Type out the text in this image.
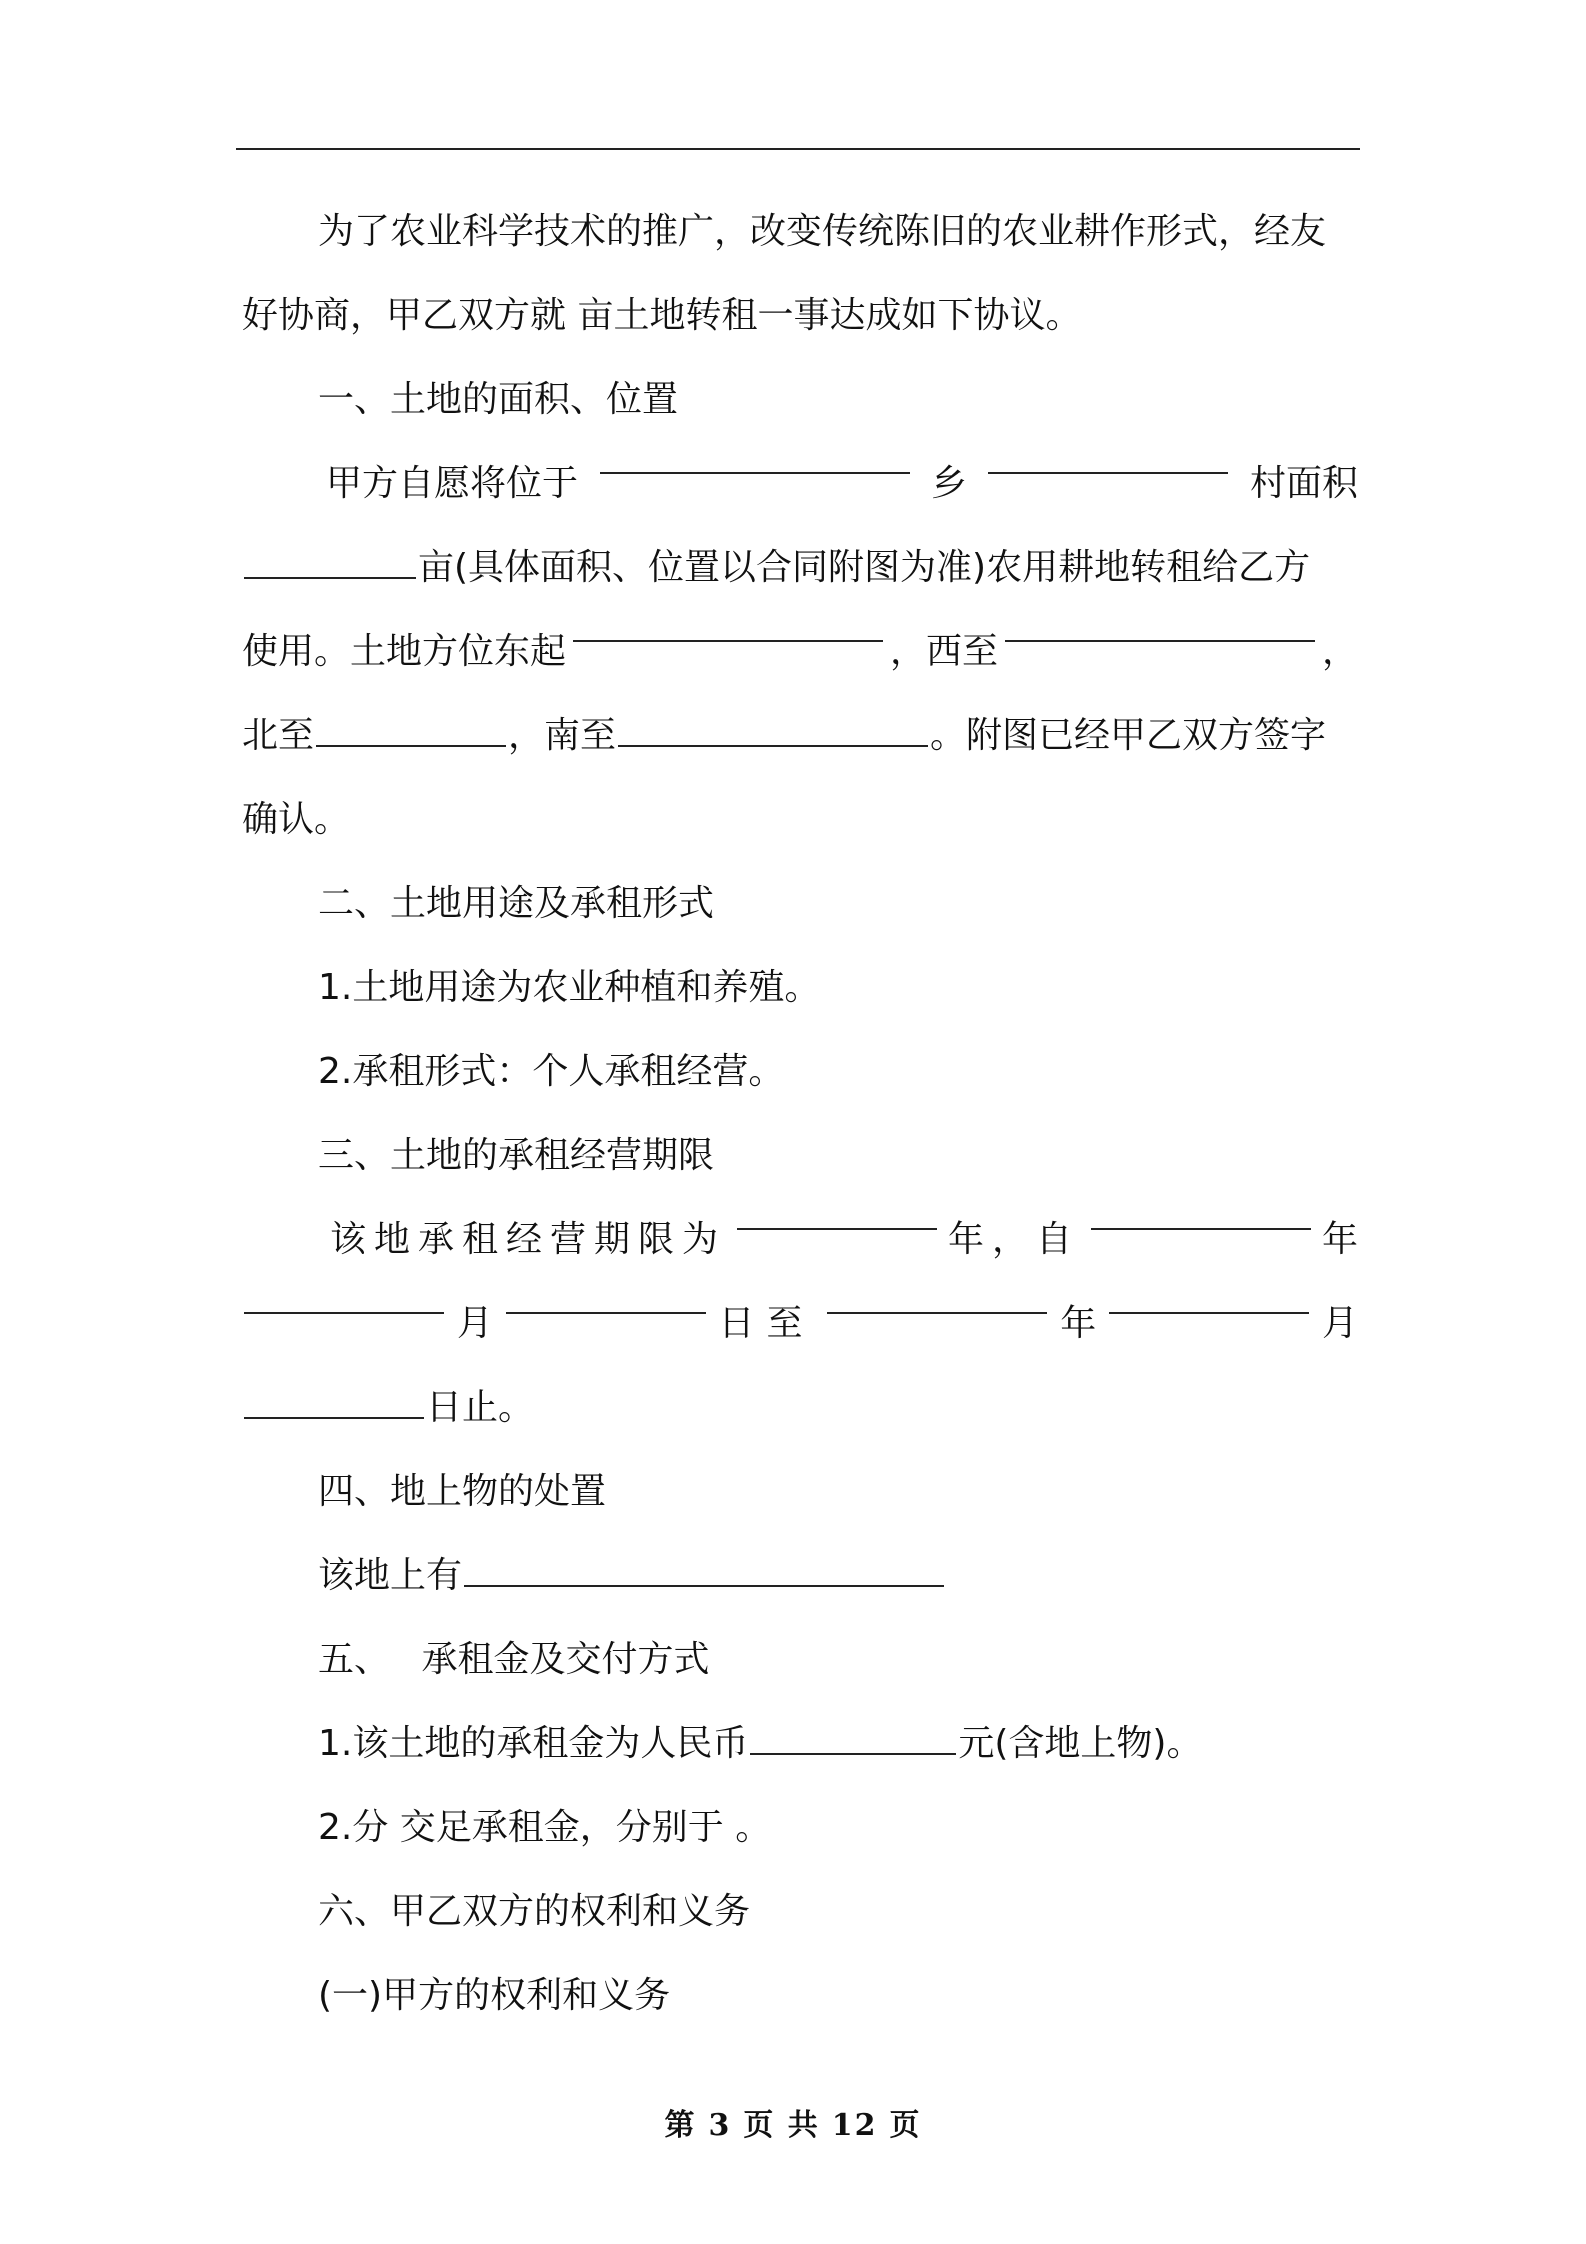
为了农业科学技术的推广，改变传统陈旧的农业耕作形式，经友
好协商，甲乙双方就 亩土地转租一事达成如下协议。
一、土地的面积、位置
甲方自愿将位于	乡	村面积
亩(具体面积、位置以合同附图为准)农用耕地转租给乙方
使用。土地方位东起	，西至	，
北至	，南至	。附图已经甲乙双方签字
确认。
二、土地用途及承租形式
1.土地用途为农业种植和养殖。
2.承租形式：个人承租经营。
三、土地的承租经营期限
该地承租经营期限为	年，自	年
月	日至	年	月
日止。
四、地上物的处置
该地上有
五、 承租金及交付方式
1.该土地的承租金为人民币	元(含地上物)。
2.分 交足承租金，分别于 。
六、甲乙双方的权利和义务
(一)甲方的权利和义务
第 3 页 共 12 页
